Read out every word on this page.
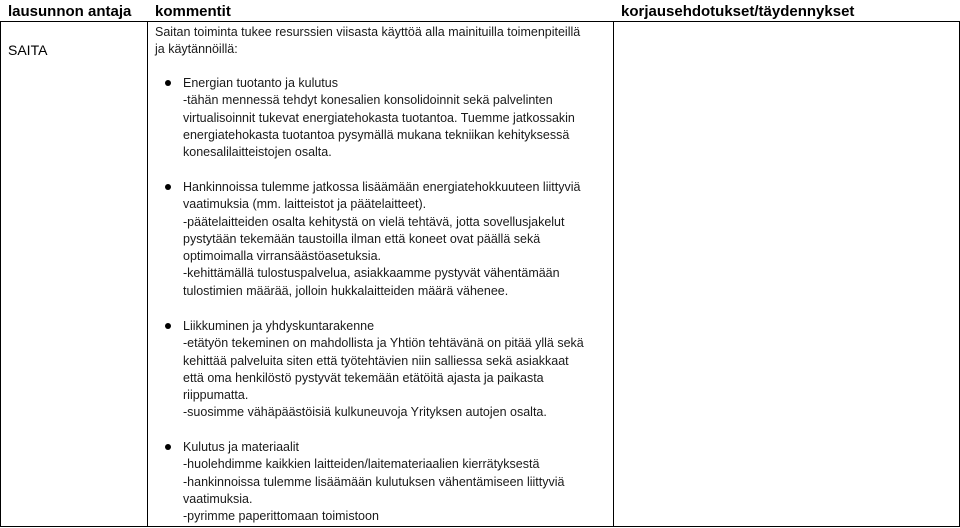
lausunnon antaja kommentit	korjausehdotukset/täydennykset
SAITA
Saitan toiminta tukee resurssien viisasta käyttöä alla mainituilla toimenpiteillä
ja käytännöillä:
Energian tuotanto ja kulutus
-tähän mennessä tehdyt konesalien konsolidoinnit sekä palvelinten
virtualisoinnit tukevat energiatehokasta tuotantoa. Tuemme jatkossakin
energiatehokasta tuotantoa pysymällä mukana tekniikan kehityksessä
konesalilaitteistojen osalta.
Hankinnoissa tulemme jatkossa lisäämään energiatehokkuuteen liittyviä
vaatimuksia (mm. laitteistot ja päätelaitteet).
-päätelaitteiden osalta kehitystä on vielä tehtävä, jotta sovellusjakelut
pystytään tekemään taustoilla ilman että koneet ovat päällä sekä
optimoimalla virransäästöasetuksia.
-kehittämällä tulostuspalvelua, asiakkaamme pystyvät vähentämään
tulostimien määrää, jolloin hukkalaitteiden määrä vähenee.
Liikkuminen ja yhdyskuntarakenne
-etätyön tekeminen on mahdollista ja Yhtiön tehtävänä on pitää yllä sekä
kehittää palveluita siten että työtehtävien niin salliessa sekä asiakkaat
että oma henkilöstö pystyvät tekemään etätöitä ajasta ja paikasta
riippumatta.
-suosimme vähäpäästöisiä kulkuneuvoja Yrityksen autojen osalta.
Kulutus ja materiaalit
-huolehdimme kaikkien laitteiden/laitemateriaalien kierrätyksestä
-hankinnoissa tulemme lisäämään kulutuksen vähentämiseen liittyviä
vaatimuksia.
-pyrimme paperittomaan toimistoon
